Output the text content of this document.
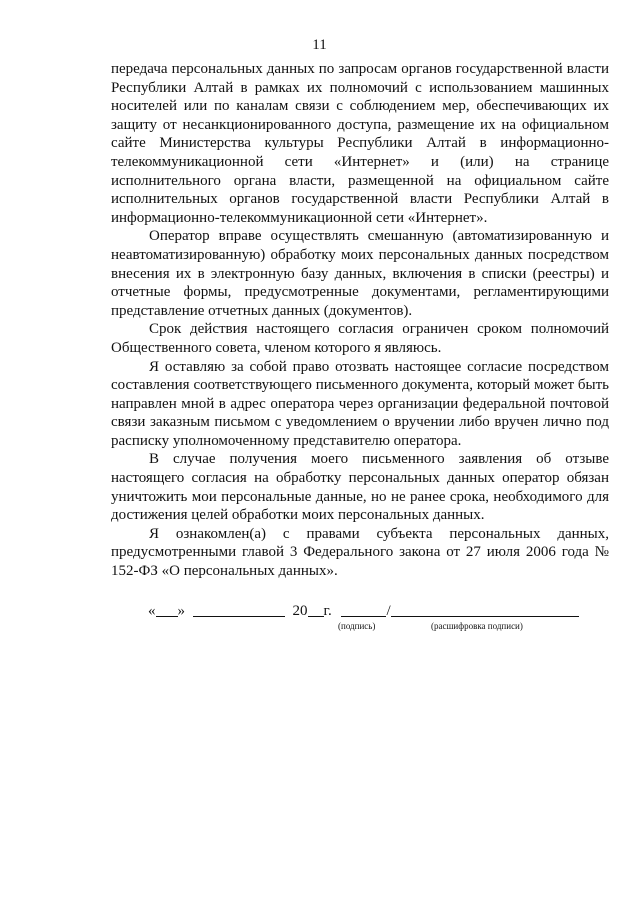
11

передача персональных данных по запросам органов государственной власти Республики Алтай в рамках их полномочий с использованием машинных носителей или по каналам связи с соблюдением мер, обеспечивающих их защиту от несанкционированного доступа, размещение их на официальном сайте Министерства культуры Республики Алтай в информационно-телекоммуникационной сети «Интернет» и (или) на странице исполнительного органа власти, размещенной на официальном сайте исполнительных органов государственной власти Республики Алтай в информационно-телекоммуникационной сети «Интернет».

Оператор вправе осуществлять смешанную (автоматизированную и неавтоматизированную) обработку моих персональных данных посредством внесения их в электронную базу данных, включения в списки (реестры) и отчетные формы, предусмотренные документами, регламентирующими представление отчетных данных (документов).

Срок действия настоящего согласия ограничен сроком полномочий Общественного совета, членом которого я являюсь.

Я оставляю за собой право отозвать настоящее согласие посредством составления соответствующего письменного документа, который может быть направлен мной в адрес оператора через организации федеральной почтовой связи заказным письмом с уведомлением о вручении либо вручен лично под расписку уполномоченному представителю оператора.

В случае получения моего письменного заявления об отзыве настоящего согласия на обработку персональных данных оператор обязан уничтожить мои персональные данные, но не ранее срока, необходимого для достижения целей обработки моих персональных данных.

Я ознакомлен(а) с правами субъекта персональных данных, предусмотренными главой 3 Федерального закона от 27 июля 2006 года № 152-ФЗ «О персональных данных».

« »	20г.	/
(подпись)	(расшифровка подписи)
